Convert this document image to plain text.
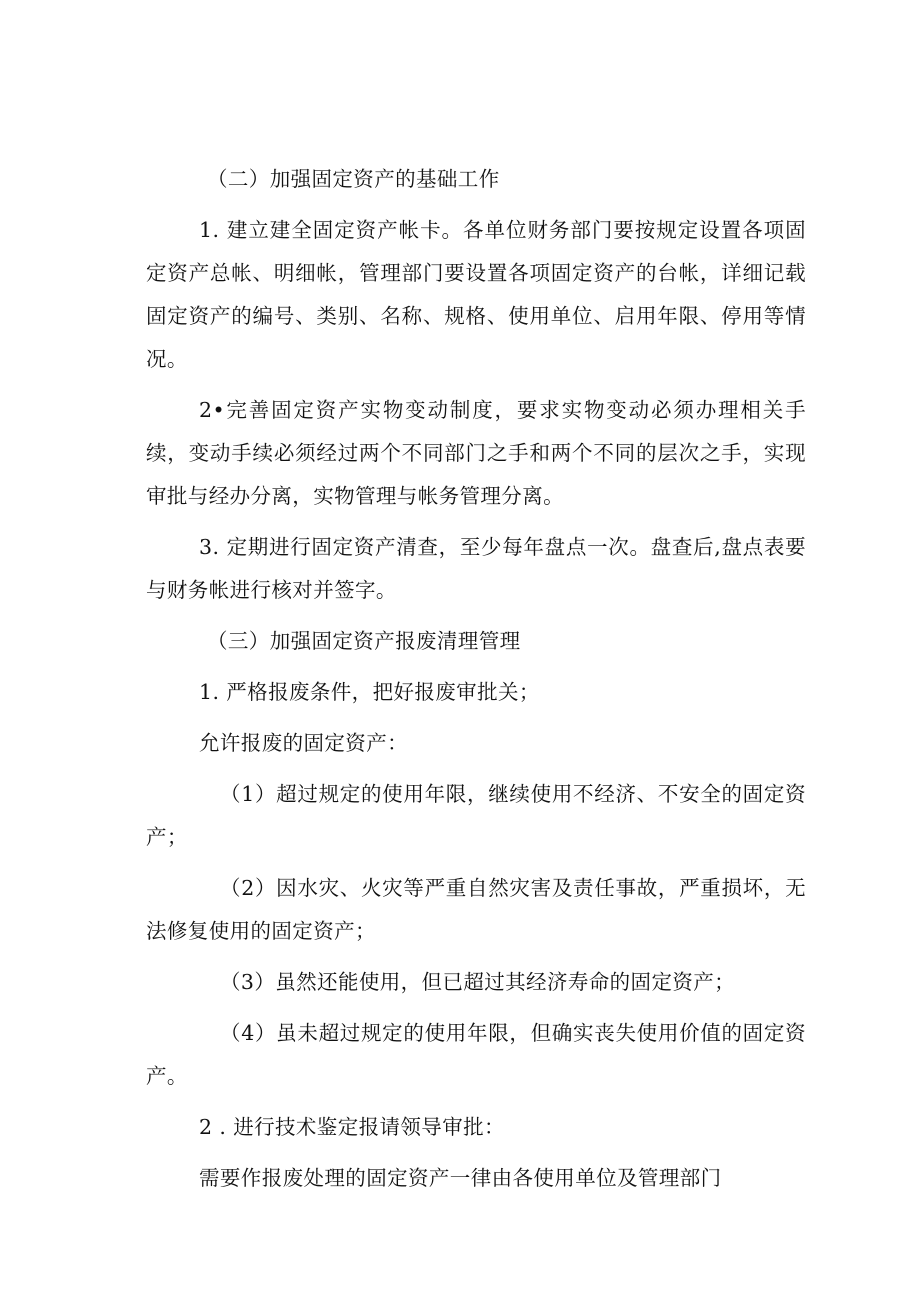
（二）加强固定资产的基础工作

1. 建立建全固定资产帐卡。各单位财务部门要按规定设置各项固定资产总帐、明细帐，管理部门要设置各项固定资产的台帐，详细记载固定资产的编号、类别、名称、规格、使用单位、启用年限、停用等情况。

2•完善固定资产实物变动制度，要求实物变动必须办理相关手续，变动手续必须经过两个不同部门之手和两个不同的层次之手，实现审批与经办分离，实物管理与帐务管理分离。

3. 定期进行固定资产清查，至少每年盘点一次。盘查后,盘点表要与财务帐进行核对并签字。

（三）加强固定资产报废清理管理

1. 严格报废条件，把好报废审批关；

允许报废的固定资产：

（1）超过规定的使用年限，继续使用不经济、不安全的固定资产；

（2）因水灾、火灾等严重自然灾害及责任事故，严重损坏，无法修复使用的固定资产；

（3）虽然还能使用，但已超过其经济寿命的固定资产；

（4）虽未超过规定的使用年限，但确实丧失使用价值的固定资产。

2 . 进行技术鉴定报请领导审批：

需要作报废处理的固定资产一律由各使用单位及管理部门
